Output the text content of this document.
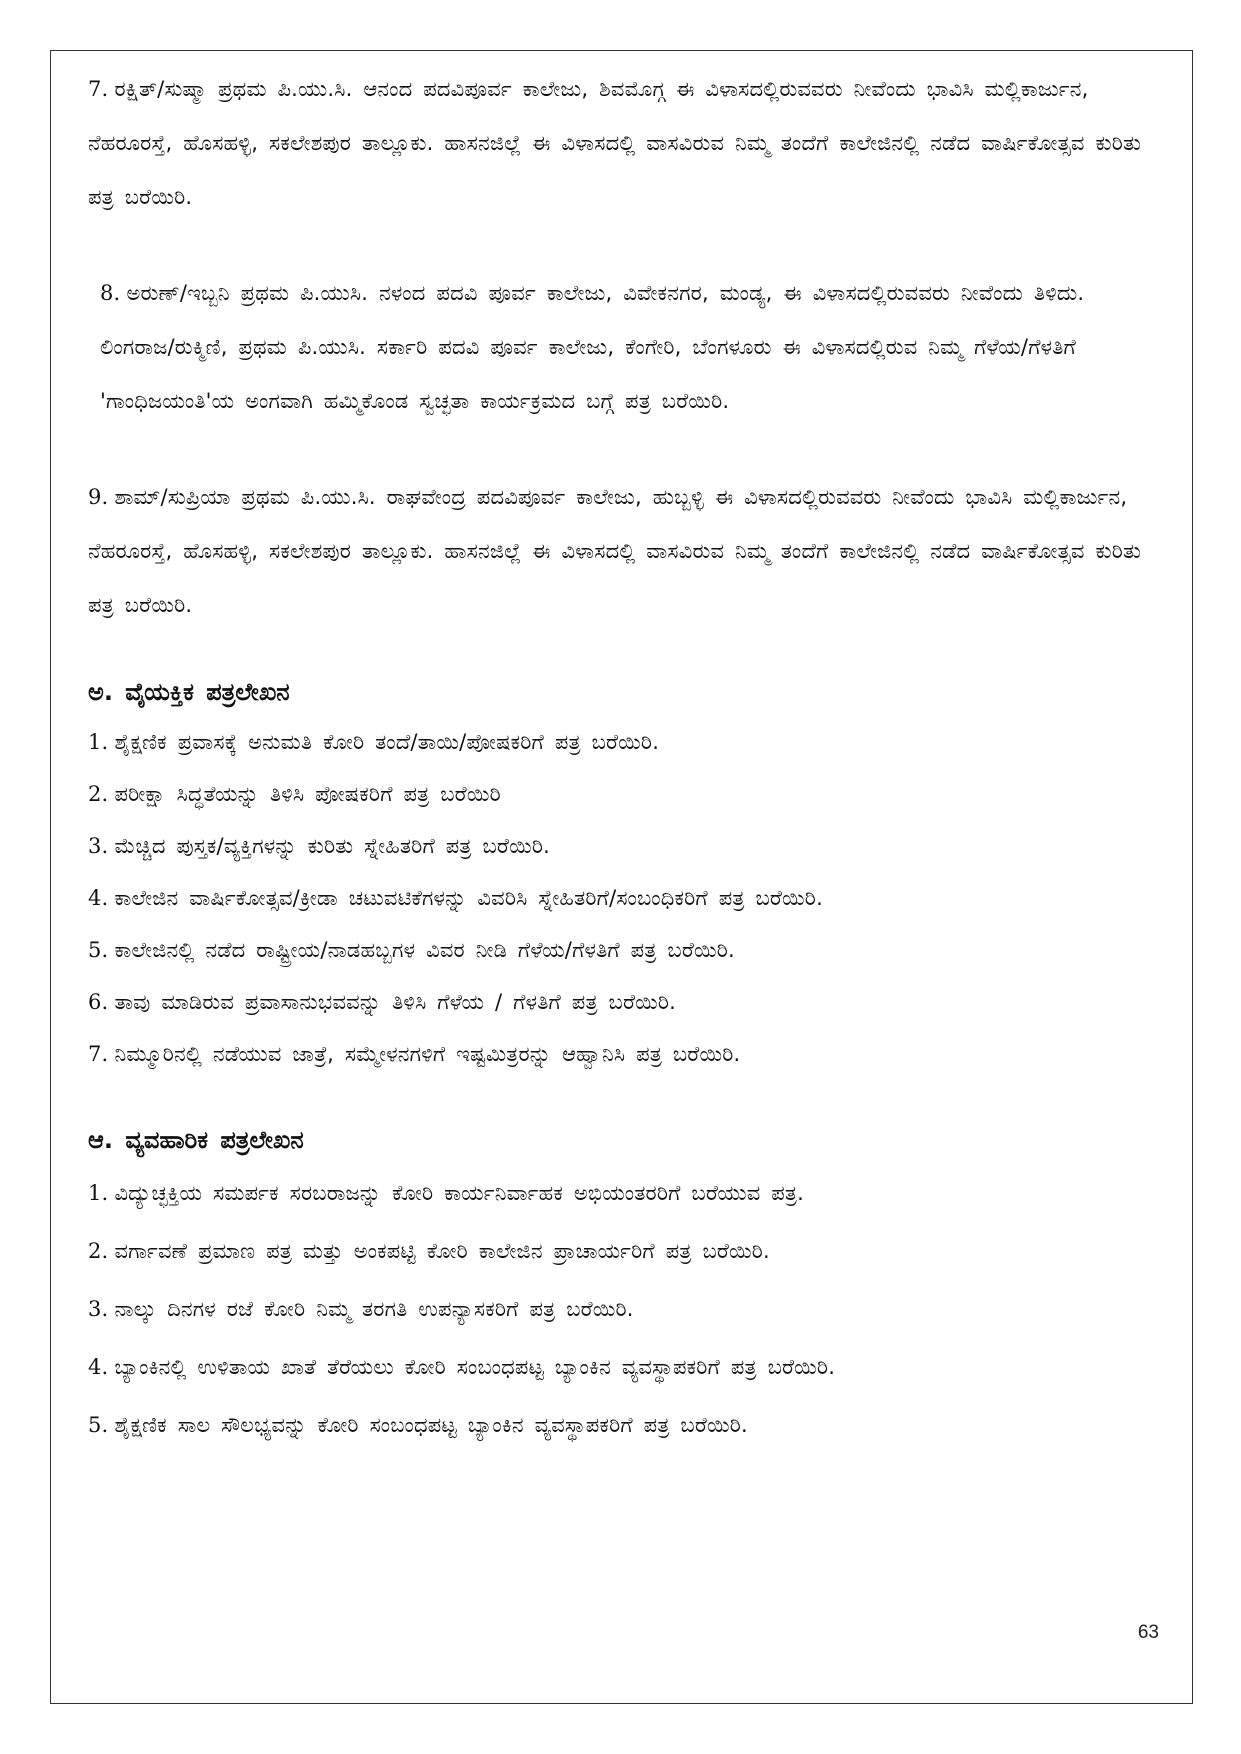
7. ರಕ್ಷಿತ್/ಸುಷ್ಮಾ ಪ್ರಥಮ ಪಿ.ಯು.ಸಿ. ಆನಂದ ಪದವಿಪೂರ್ವ ಕಾಲೇಜು, ಶಿವಮೊಗ್ಗ ಈ ವಿಳಾಸದಲ್ಲಿರುವವರು ನೀವೆಂದು ಭಾವಿಸಿ ಮಲ್ಲಿಕಾರ್ಜುನ, ನೆಹರೂರಸ್ತೆ, ಹೊಸಹಳ್ಳಿ, ಸಕಲೇಶಪುರ ತಾಲ್ಲೂಕು. ಹಾಸನಜಿಲ್ಲೆ ಈ ವಿಳಾಸದಲ್ಲಿ ವಾಸವಿರುವ ನಿಮ್ಮ ತಂದೆಗೆ ಕಾಲೇಜಿನಲ್ಲಿ ನಡೆದ ವಾರ್ಷಿಕೋತ್ಸವ ಕುರಿತು ಪತ್ರ ಬರೆಯಿರಿ.

8. ಅರುಣ್/ಇಬ್ಬನಿ ಪ್ರಥಮ ಪಿ.ಯುಸಿ. ನಳಂದ ಪದವಿ ಪೂರ್ವ ಕಾಲೇಜು, ವಿವೇಕನಗರ, ಮಂಡ್ಯ, ಈ ವಿಳಾಸದಲ್ಲಿರುವವರು ನೀವೆಂದು ತಿಳಿದು. ಲಿಂಗರಾಜ/ರುಕ್ಮಿಣಿ, ಪ್ರಥಮ ಪಿ.ಯುಸಿ. ಸರ್ಕಾರಿ ಪದವಿ ಪೂರ್ವ ಕಾಲೇಜು, ಕೆಂಗೇರಿ, ಬೆಂಗಳೂರು ಈ ವಿಳಾಸದಲ್ಲಿರುವ ನಿಮ್ಮ ಗೆಳೆಯ/ಗೆಳತಿಗೆ 'ಗಾಂಧಿಜಯಂತಿ'ಯ ಅಂಗವಾಗಿ ಹಮ್ಮಿಕೊಂಡ ಸ್ವಚ್ಛತಾ ಕಾರ್ಯಕ್ರಮದ ಬಗ್ಗೆ ಪತ್ರ ಬರೆಯಿರಿ.

9. ಶಾಮ್/ಸುಪ್ರಿಯಾ ಪ್ರಥಮ ಪಿ.ಯು.ಸಿ. ರಾಘವೇಂದ್ರ ಪದವಿಪೂರ್ವ ಕಾಲೇಜು, ಹುಬ್ಬಳ್ಳಿ ಈ ವಿಳಾಸದಲ್ಲಿರುವವರು ನೀವೆಂದು ಭಾವಿಸಿ ಮಲ್ಲಿಕಾರ್ಜುನ, ನೆಹರೂರಸ್ತೆ, ಹೊಸಹಳ್ಳಿ, ಸಕಲೇಶಪುರ ತಾಲ್ಲೂಕು. ಹಾಸನಜಿಲ್ಲೆ ಈ ವಿಳಾಸದಲ್ಲಿ ವಾಸವಿರುವ ನಿಮ್ಮ ತಂದೆಗೆ ಕಾಲೇಜಿನಲ್ಲಿ ನಡೆದ ವಾರ್ಷಿಕೋತ್ಸವ ಕುರಿತು ಪತ್ರ ಬರೆಯಿರಿ.

ಅ. ವೈಯಕ್ತಿಕ ಪತ್ರಲೇಖನ
1. ಶೈಕ್ಷಣಿಕ ಪ್ರವಾಸಕ್ಕೆ ಅನುಮತಿ ಕೋರಿ ತಂದೆ/ತಾಯಿ/ಪೋಷಕರಿಗೆ ಪತ್ರ ಬರೆಯಿರಿ.
2. ಪರೀಕ್ಷಾ ಸಿದ್ಧತೆಯನ್ನು ತಿಳಿಸಿ ಪೋಷಕರಿಗೆ ಪತ್ರ ಬರೆಯಿರಿ
3. ಮೆಚ್ಚಿದ ಪುಸ್ತಕ/ವ್ಯಕ್ತಿಗಳನ್ನು ಕುರಿತು ಸ್ನೇಹಿತರಿಗೆ ಪತ್ರ ಬರೆಯಿರಿ.
4. ಕಾಲೇಜಿನ ವಾರ್ಷಿಕೋತ್ಸವ/ಕ್ರೀಡಾ ಚಟುವಟಿಕೆಗಳನ್ನು ವಿವರಿಸಿ ಸ್ನೇಹಿತರಿಗೆ/ಸಂಬಂಧಿಕರಿಗೆ ಪತ್ರ ಬರೆಯಿರಿ.
5. ಕಾಲೇಜಿನಲ್ಲಿ ನಡೆದ ರಾಷ್ಟ್ರೀಯ/ನಾಡಹಬ್ಬಗಳ ವಿವರ ನೀಡಿ ಗೆಳೆಯ/ಗೆಳತಿಗೆ ಪತ್ರ ಬರೆಯಿರಿ.
6. ತಾವು ಮಾಡಿರುವ ಪ್ರವಾಸಾನುಭವವನ್ನು ತಿಳಿಸಿ ಗೆಳೆಯ / ಗೆಳತಿಗೆ ಪತ್ರ ಬರೆಯಿರಿ.
7. ನಿಮ್ಮೂರಿನಲ್ಲಿ ನಡೆಯುವ ಜಾತ್ರೆ, ಸಮ್ಮೇಳನಗಳಿಗೆ ಇಷ್ಟಮಿತ್ರರನ್ನು ಆಹ್ವಾನಿಸಿ ಪತ್ರ ಬರೆಯಿರಿ.
ಆ. ವ್ಯವಹಾರಿಕ ಪತ್ರಲೇಖನ
1. ವಿದ್ಯುಚ್ಛಕ್ತಿಯ ಸಮರ್ಪಕ ಸರಬರಾಜನ್ನು ಕೋರಿ ಕಾರ್ಯನಿರ್ವಾಹಕ ಅಭಿಯಂತರರಿಗೆ ಬರೆಯುವ ಪತ್ರ.
2. ವರ್ಗಾವಣೆ ಪ್ರಮಾಣ ಪತ್ರ ಮತ್ತು ಅಂಕಪಟ್ಟಿ ಕೋರಿ ಕಾಲೇಜಿನ ಪ್ರಾಚಾರ್ಯರಿಗೆ ಪತ್ರ ಬರೆಯಿರಿ.
3. ನಾಲ್ಕು ದಿನಗಳ ರಜೆ ಕೋರಿ ನಿಮ್ಮ ತರಗತಿ ಉಪನ್ಯಾಸಕರಿಗೆ ಪತ್ರ ಬರೆಯಿರಿ.
4. ಬ್ಯಾಂಕಿನಲ್ಲಿ ಉಳಿತಾಯ ಖಾತೆ ತೆರೆಯಲು ಕೋರಿ ಸಂಬಂಧಪಟ್ಟ ಬ್ಯಾಂಕಿನ ವ್ಯವಸ್ಥಾಪಕರಿಗೆ ಪತ್ರ ಬರೆಯಿರಿ.
5. ಶೈಕ್ಷಣಿಕ ಸಾಲ ಸೌಲಭ್ಯವನ್ನು ಕೋರಿ ಸಂಬಂಧಪಟ್ಟ ಬ್ಯಾಂಕಿನ ವ್ಯವಸ್ಥಾಪಕರಿಗೆ ಪತ್ರ ಬರೆಯಿರಿ.
63
